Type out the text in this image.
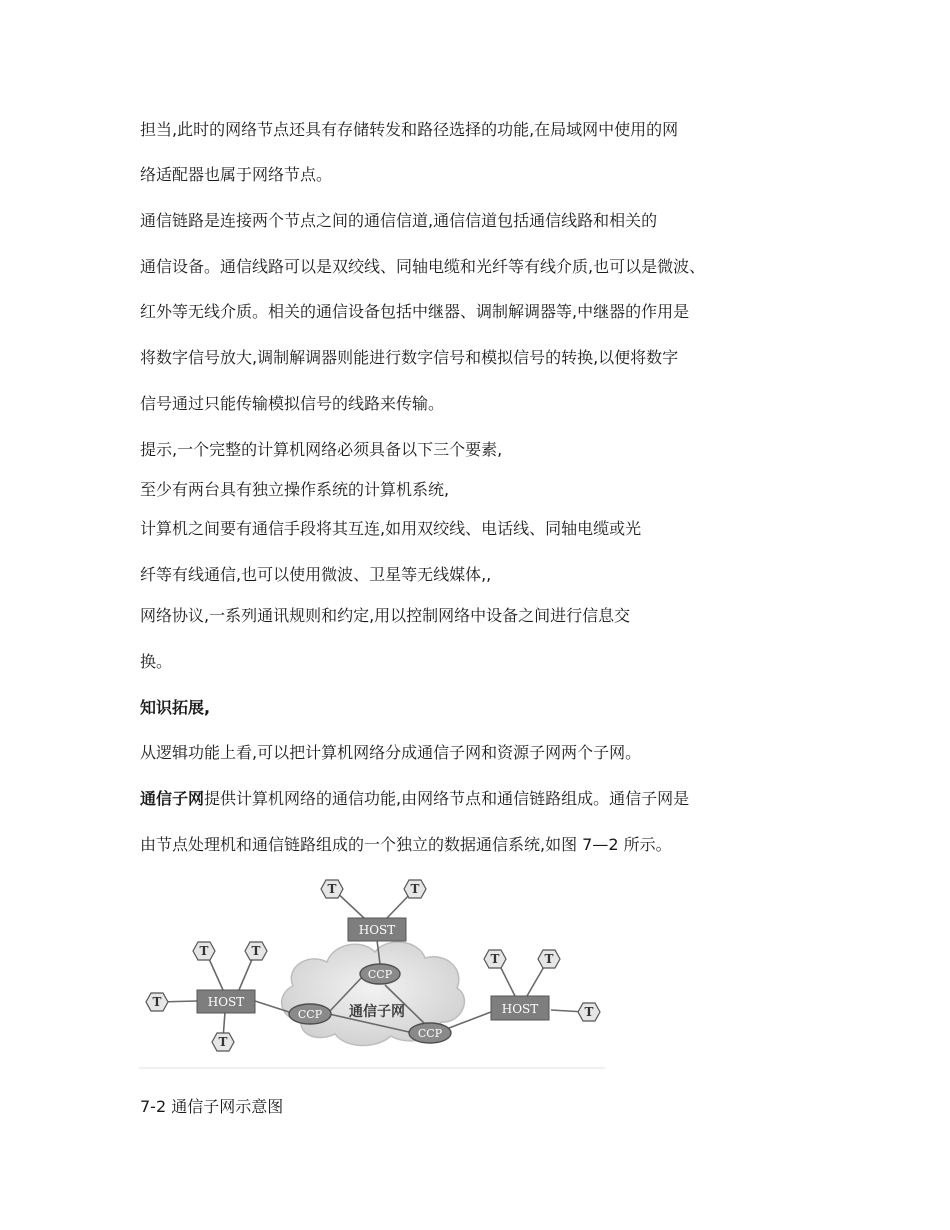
担当,此时的网络节点还具有存储转发和路径选择的功能,在局域网中使用的网
络适配器也属于网络节点。
通信链路是连接两个节点之间的通信信道,通信信道包括通信线路和相关的
通信设备。通信线路可以是双绞线、同轴电缆和光纤等有线介质,也可以是微波、
红外等无线介质。相关的通信设备包括中继器、调制解调器等,中继器的作用是
将数字信号放大,调制解调器则能进行数字信号和模拟信号的转换,以便将数字
信号通过只能传输模拟信号的线路来传输。
提示,一个完整的计算机网络必须具备以下三个要素,
至少有两台具有独立操作系统的计算机系统,
计算机之间要有通信手段将其互连,如用双绞线、电话线、同轴电缆或光
纤等有线通信,也可以使用微波、卫星等无线媒体,,
网络协议,一系列通讯规则和约定,用以控制网络中设备之间进行信息交
换。
知识拓展,
从逻辑功能上看,可以把计算机网络分成通信子网和资源子网两个子网。
通信子网提供计算机网络的通信功能,由网络节点和通信链路组成。通信子网是
由节点处理机和通信链路组成的一个独立的数据通信系统,如图 7—2 所示。
CCP
CCP
CCP
通信子网
HOST
HOST	HOST
T	T
T	T
T
T
T	T
T
7-2 通信子网示意图
